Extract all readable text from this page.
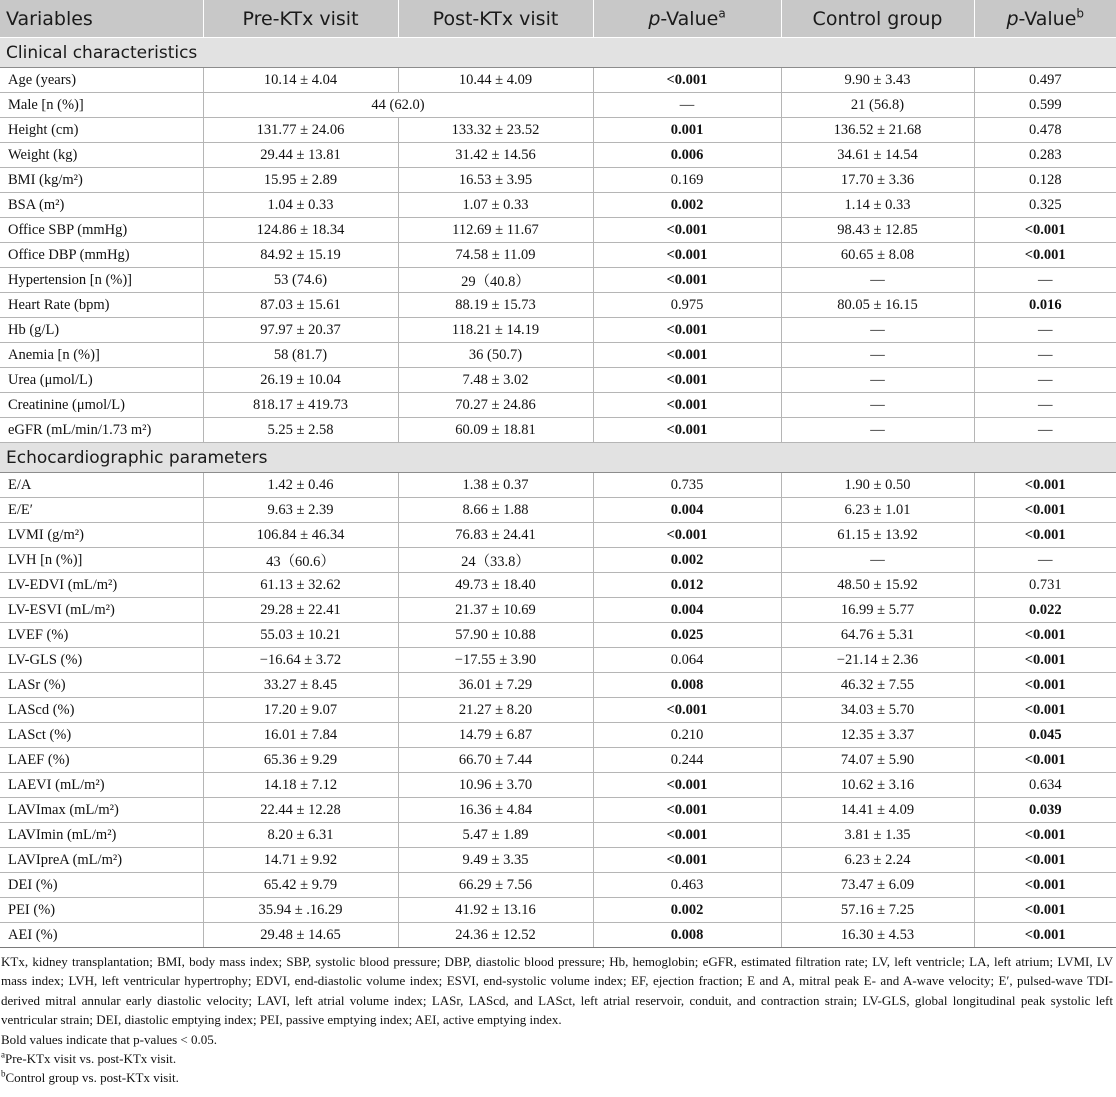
Variables	Pre-KTx visit	Post-KTx visit	p-Value$^a$	Control group	p-Value$^b$
Clinical characteristics					
Age (years)	10.14 ± 4.04	10.44 ± 4.09	<0.001	9.90 ± 3.43	0.497
Male [n (%)]	44 (62.0)		—	21 (56.8)	0.599
Height (cm)	131.77 ± 24.06	133.32 ± 23.52	0.001	136.52 ± 21.68	0.478
Weight (kg)	29.44 ± 13.81	31.42 ± 14.56	0.006	34.61 ± 14.54	0.283
BMI (kg/m²)	15.95 ± 2.89	16.53 ± 3.95	0.169	17.70 ± 3.36	0.128
BSA (m²)	1.04 ± 0.33	1.07 ± 0.33	0.002	1.14 ± 0.33	0.325
Office SBP (mmHg)	124.86 ± 18.34	112.69 ± 11.67	<0.001	98.43 ± 12.85	<0.001
Office DBP (mmHg)	84.92 ± 15.19	74.58 ± 11.09	<0.001	60.65 ± 8.08	<0.001
Hypertension [n (%)]	53 (74.6)	29（40.8）	<0.001	—	—
Heart Rate (bpm)	87.03 ± 15.61	88.19 ± 15.73	0.975	80.05 ± 16.15	0.016
Hb (g/L)	97.97 ± 20.37	118.21 ± 14.19	<0.001	—	—
Anemia [n (%)]	58 (81.7)	36 (50.7)	<0.001	—	—
Urea (μmol/L)	26.19 ± 10.04	7.48 ± 3.02	<0.001	—	—
Creatinine (μmol/L)	818.17 ± 419.73	70.27 ± 24.86	<0.001	—	—
eGFR (mL/min/1.73 m²)	5.25 ± 2.58	60.09 ± 18.81	<0.001	—	—
Echocardiographic parameters					
E/A	1.42 ± 0.46	1.38 ± 0.37	0.735	1.90 ± 0.50	<0.001
E/E′	9.63 ± 2.39	8.66 ± 1.88	0.004	6.23 ± 1.01	<0.001
LVMI (g/m²)	106.84 ± 46.34	76.83 ± 24.41	<0.001	61.15 ± 13.92	<0.001
LVH [n (%)]	43（60.6）	24（33.8）	0.002	—	—
LV-EDVI (mL/m²)	61.13 ± 32.62	49.73 ± 18.40	0.012	48.50 ± 15.92	0.731
LV-ESVI (mL/m²)	29.28 ± 22.41	21.37 ± 10.69	0.004	16.99 ± 5.77	0.022
LVEF (%)	55.03 ± 10.21	57.90 ± 10.88	0.025	64.76 ± 5.31	<0.001
LV-GLS (%)	−16.64 ± 3.72	−17.55 ± 3.90	0.064	−21.14 ± 2.36	<0.001
LASr (%)	33.27 ± 8.45	36.01 ± 7.29	0.008	46.32 ± 7.55	<0.001
LAScd (%)	17.20 ± 9.07	21.27 ± 8.20	<0.001	34.03 ± 5.70	<0.001
LASct (%)	16.01 ± 7.84	14.79 ± 6.87	0.210	12.35 ± 3.37	0.045
LAEF (%)	65.36 ± 9.29	66.70 ± 7.44	0.244	74.07 ± 5.90	<0.001
LAEVI (mL/m²)	14.18 ± 7.12	10.96 ± 3.70	<0.001	10.62 ± 3.16	0.634
LAVImax (mL/m²)	22.44 ± 12.28	16.36 ± 4.84	<0.001	14.41 ± 4.09	0.039
LAVImin (mL/m²)	8.20 ± 6.31	5.47 ± 1.89	<0.001	3.81 ± 1.35	<0.001
LAVIpreA (mL/m²)	14.71 ± 9.92	9.49 ± 3.35	<0.001	6.23 ± 2.24	<0.001
DEI (%)	65.42 ± 9.79	66.29 ± 7.56	0.463	73.47 ± 6.09	<0.001
PEI (%)	35.94 ± .16.29	41.92 ± 13.16	0.002	57.16 ± 7.25	<0.001
AEI (%)	29.48 ± 14.65	24.36 ± 12.52	0.008	16.30 ± 4.53	<0.001

KTx, kidney transplantation; BMI, body mass index; SBP, systolic blood pressure; DBP, diastolic blood pressure; Hb, hemoglobin; eGFR, estimated filtration rate; LV, left ventricle; LA, left atrium; LVMI, LV mass index; LVH, left ventricular hypertrophy; EDVI, end-diastolic volume index; ESVI, end-systolic volume index; EF, ejection fraction; E and A, mitral peak E- and A-wave velocity; E′, pulsed-wave TDI-derived mitral annular early diastolic velocity; LAVI, left atrial volume index; LASr, LAScd, and LASct, left atrial reservoir, conduit, and contraction strain; LV-GLS, global longitudinal peak systolic left ventricular strain; DEI, diastolic emptying index; PEI, passive emptying index; AEI, active emptying index.

Bold values indicate that p-values < 0.05.

$^a$Pre-KTx visit vs. post-KTx visit.

$^b$Control group vs. post-KTx visit.
